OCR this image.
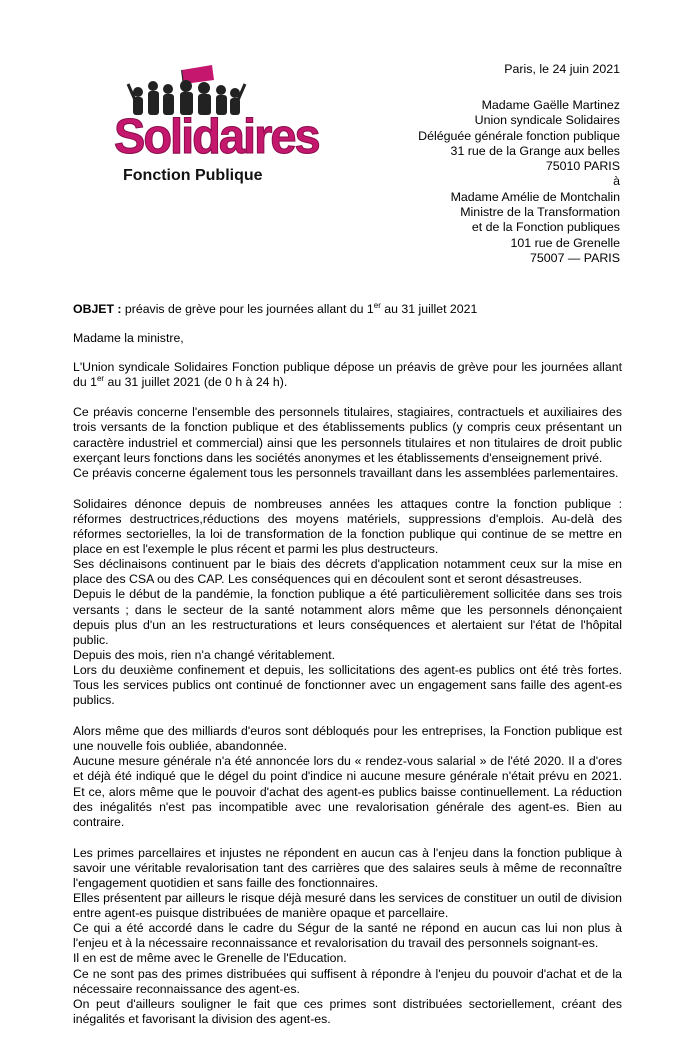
Solidaires
Fonction Publique
Paris, le 24 juin 2021
Madame Gaëlle Martinez
Union syndicale Solidaires
Déléguée générale fonction publique
31 rue de la Grange aux belles
75010 PARIS
à
Madame Amélie de Montchalin
Ministre de la Transformation
et de la Fonction publiques
101 rue de Grenelle
75007 — PARIS

OBJET : préavis de grève pour les journées allant du 1er au 31 juillet 2021

Madame la ministre,

L'Union syndicale Solidaires Fonction publique dépose un préavis de grève pour les journées allant du 1er au 31 juillet 2021 (de 0 h à 24 h).

Ce préavis concerne l'ensemble des personnels titulaires, stagiaires, contractuels et auxiliaires des trois versants de la fonction publique et des établissements publics (y compris ceux présentant un caractère industriel et commercial) ainsi que les personnels titulaires et non titulaires de droit public exerçant leurs fonctions dans les sociétés anonymes et les établissements d'enseignement privé.
Ce préavis concerne également tous les personnels travaillant dans les assemblées parlementaires.

Solidaires dénonce depuis de nombreuses années les attaques contre la fonction publique : réformes destructrices,réductions des moyens matériels, suppressions d'emplois. Au-delà des réformes sectorielles, la loi de transformation de la fonction publique qui continue de se mettre en place en est l'exemple le plus récent et parmi les plus destructeurs.
Ses déclinaisons continuent par le biais des décrets d'application notamment ceux sur la mise en place des CSA ou des CAP. Les conséquences qui en découlent sont et seront désastreuses.
Depuis le début de la pandémie, la fonction publique a été particulièrement sollicitée dans ses trois versants ; dans le secteur de la santé notamment alors même que les personnels dénonçaient depuis plus d'un an les restructurations et leurs conséquences et alertaient sur l'état de l'hôpital public.
Depuis des mois, rien n'a changé véritablement.
Lors du deuxième confinement et depuis, les sollicitations des agent-es publics ont été très fortes. Tous les services publics ont continué de fonctionner avec un engagement sans faille des agent-es publics.

Alors même que des milliards d'euros sont débloqués pour les entreprises, la Fonction publique est une nouvelle fois oubliée, abandonnée.
Aucune mesure générale n'a été annoncée lors du « rendez-vous salarial » de l'été 2020. Il a d'ores et déjà été indiqué que le dégel du point d'indice ni aucune mesure générale n'était prévu en 2021. Et ce, alors même que le pouvoir d'achat des agent-es publics baisse continuellement. La réduction des inégalités n'est pas incompatible avec une revalorisation générale des agent-es. Bien au contraire.

Les primes parcellaires et injustes ne répondent en aucun cas à l'enjeu dans la fonction publique à savoir une véritable revalorisation tant des carrières que des salaires seuls à même de reconnaître l'engagement quotidien et sans faille des fonctionnaires.
Elles présentent par ailleurs le risque déjà mesuré dans les services de constituer un outil de division entre agent-es puisque distribuées de manière opaque et parcellaire.
Ce qui a été accordé dans le cadre du Ségur de la santé ne répond en aucun cas lui non plus à l'enjeu et à la nécessaire reconnaissance et revalorisation du travail des personnels soignant-es.
Il en est de même avec le Grenelle de l'Education.
Ce ne sont pas des primes distribuées qui suffisent à répondre à l'enjeu du pouvoir d'achat et de la nécessaire reconnaissance des agent-es.
On peut d'ailleurs souligner le fait que ces primes sont distribuées sectoriellement, créant des inégalités et favorisant la division des agent-es.
